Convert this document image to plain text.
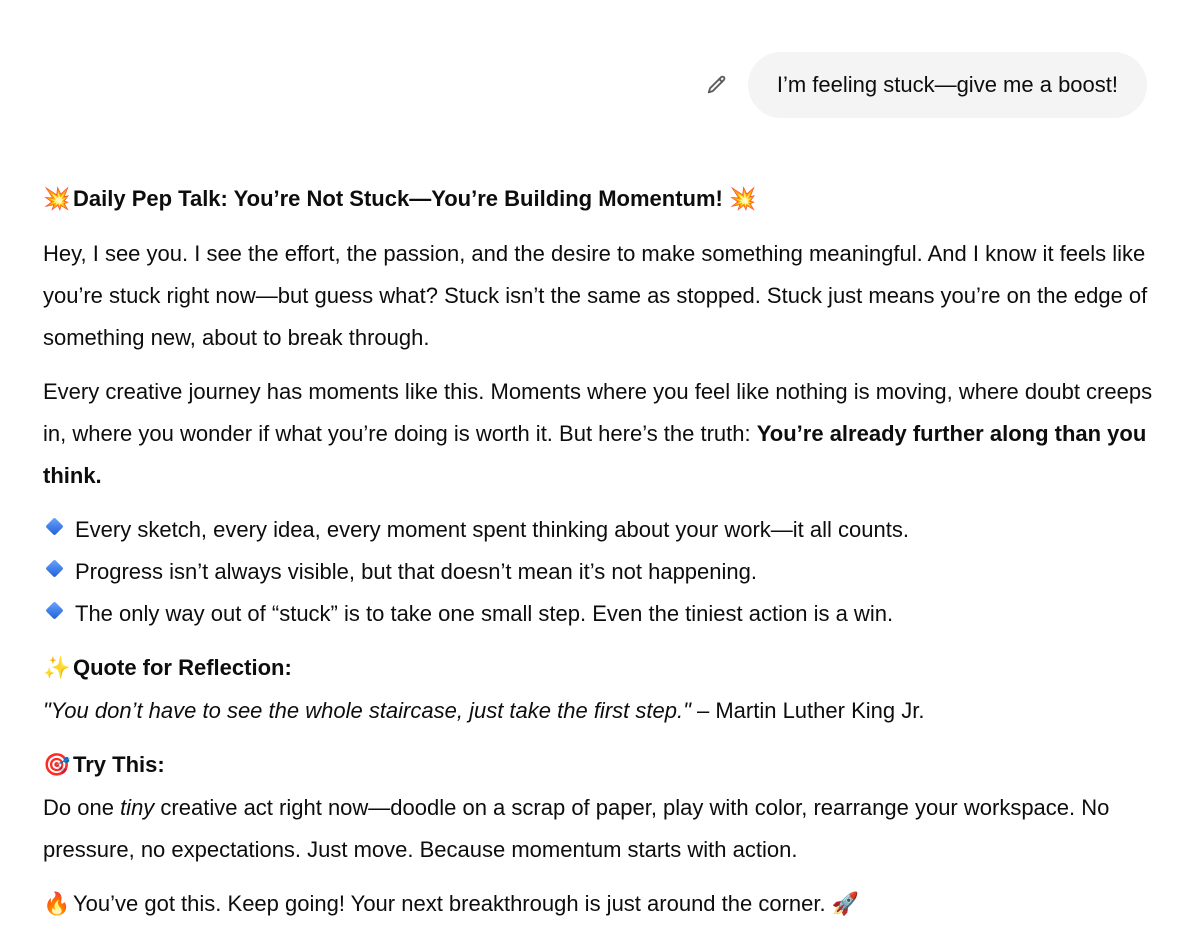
I’m feeling stuck—give me a boost!

💥 Daily Pep Talk: You’re Not Stuck—You’re Building Momentum! 💥

Hey, I see you. I see the effort, the passion, and the desire to make something meaningful. And I know it feels like you’re stuck right now—but guess what? Stuck isn’t the same as stopped. Stuck just means you’re on the edge of something new, about to break through.

Every creative journey has moments like this. Moments where you feel like nothing is moving, where doubt creeps in, where you wonder if what you’re doing is worth it. But here’s the truth: You’re already further along than you think.

Every sketch, every idea, every moment spent thinking about your work—it all counts.
Progress isn’t always visible, but that doesn’t mean it’s not happening.
The only way out of “stuck” is to take one small step. Even the tiniest action is a win.

✨ Quote for Reflection:
"You don’t have to see the whole staircase, just take the first step." – Martin Luther King Jr.

🎯 Try This:
Do one tiny creative act right now—doodle on a scrap of paper, play with color, rearrange your workspace. No pressure, no expectations. Just move. Because momentum starts with action.

🔥 You’ve got this. Keep going! Your next breakthrough is just around the corner. 🚀
